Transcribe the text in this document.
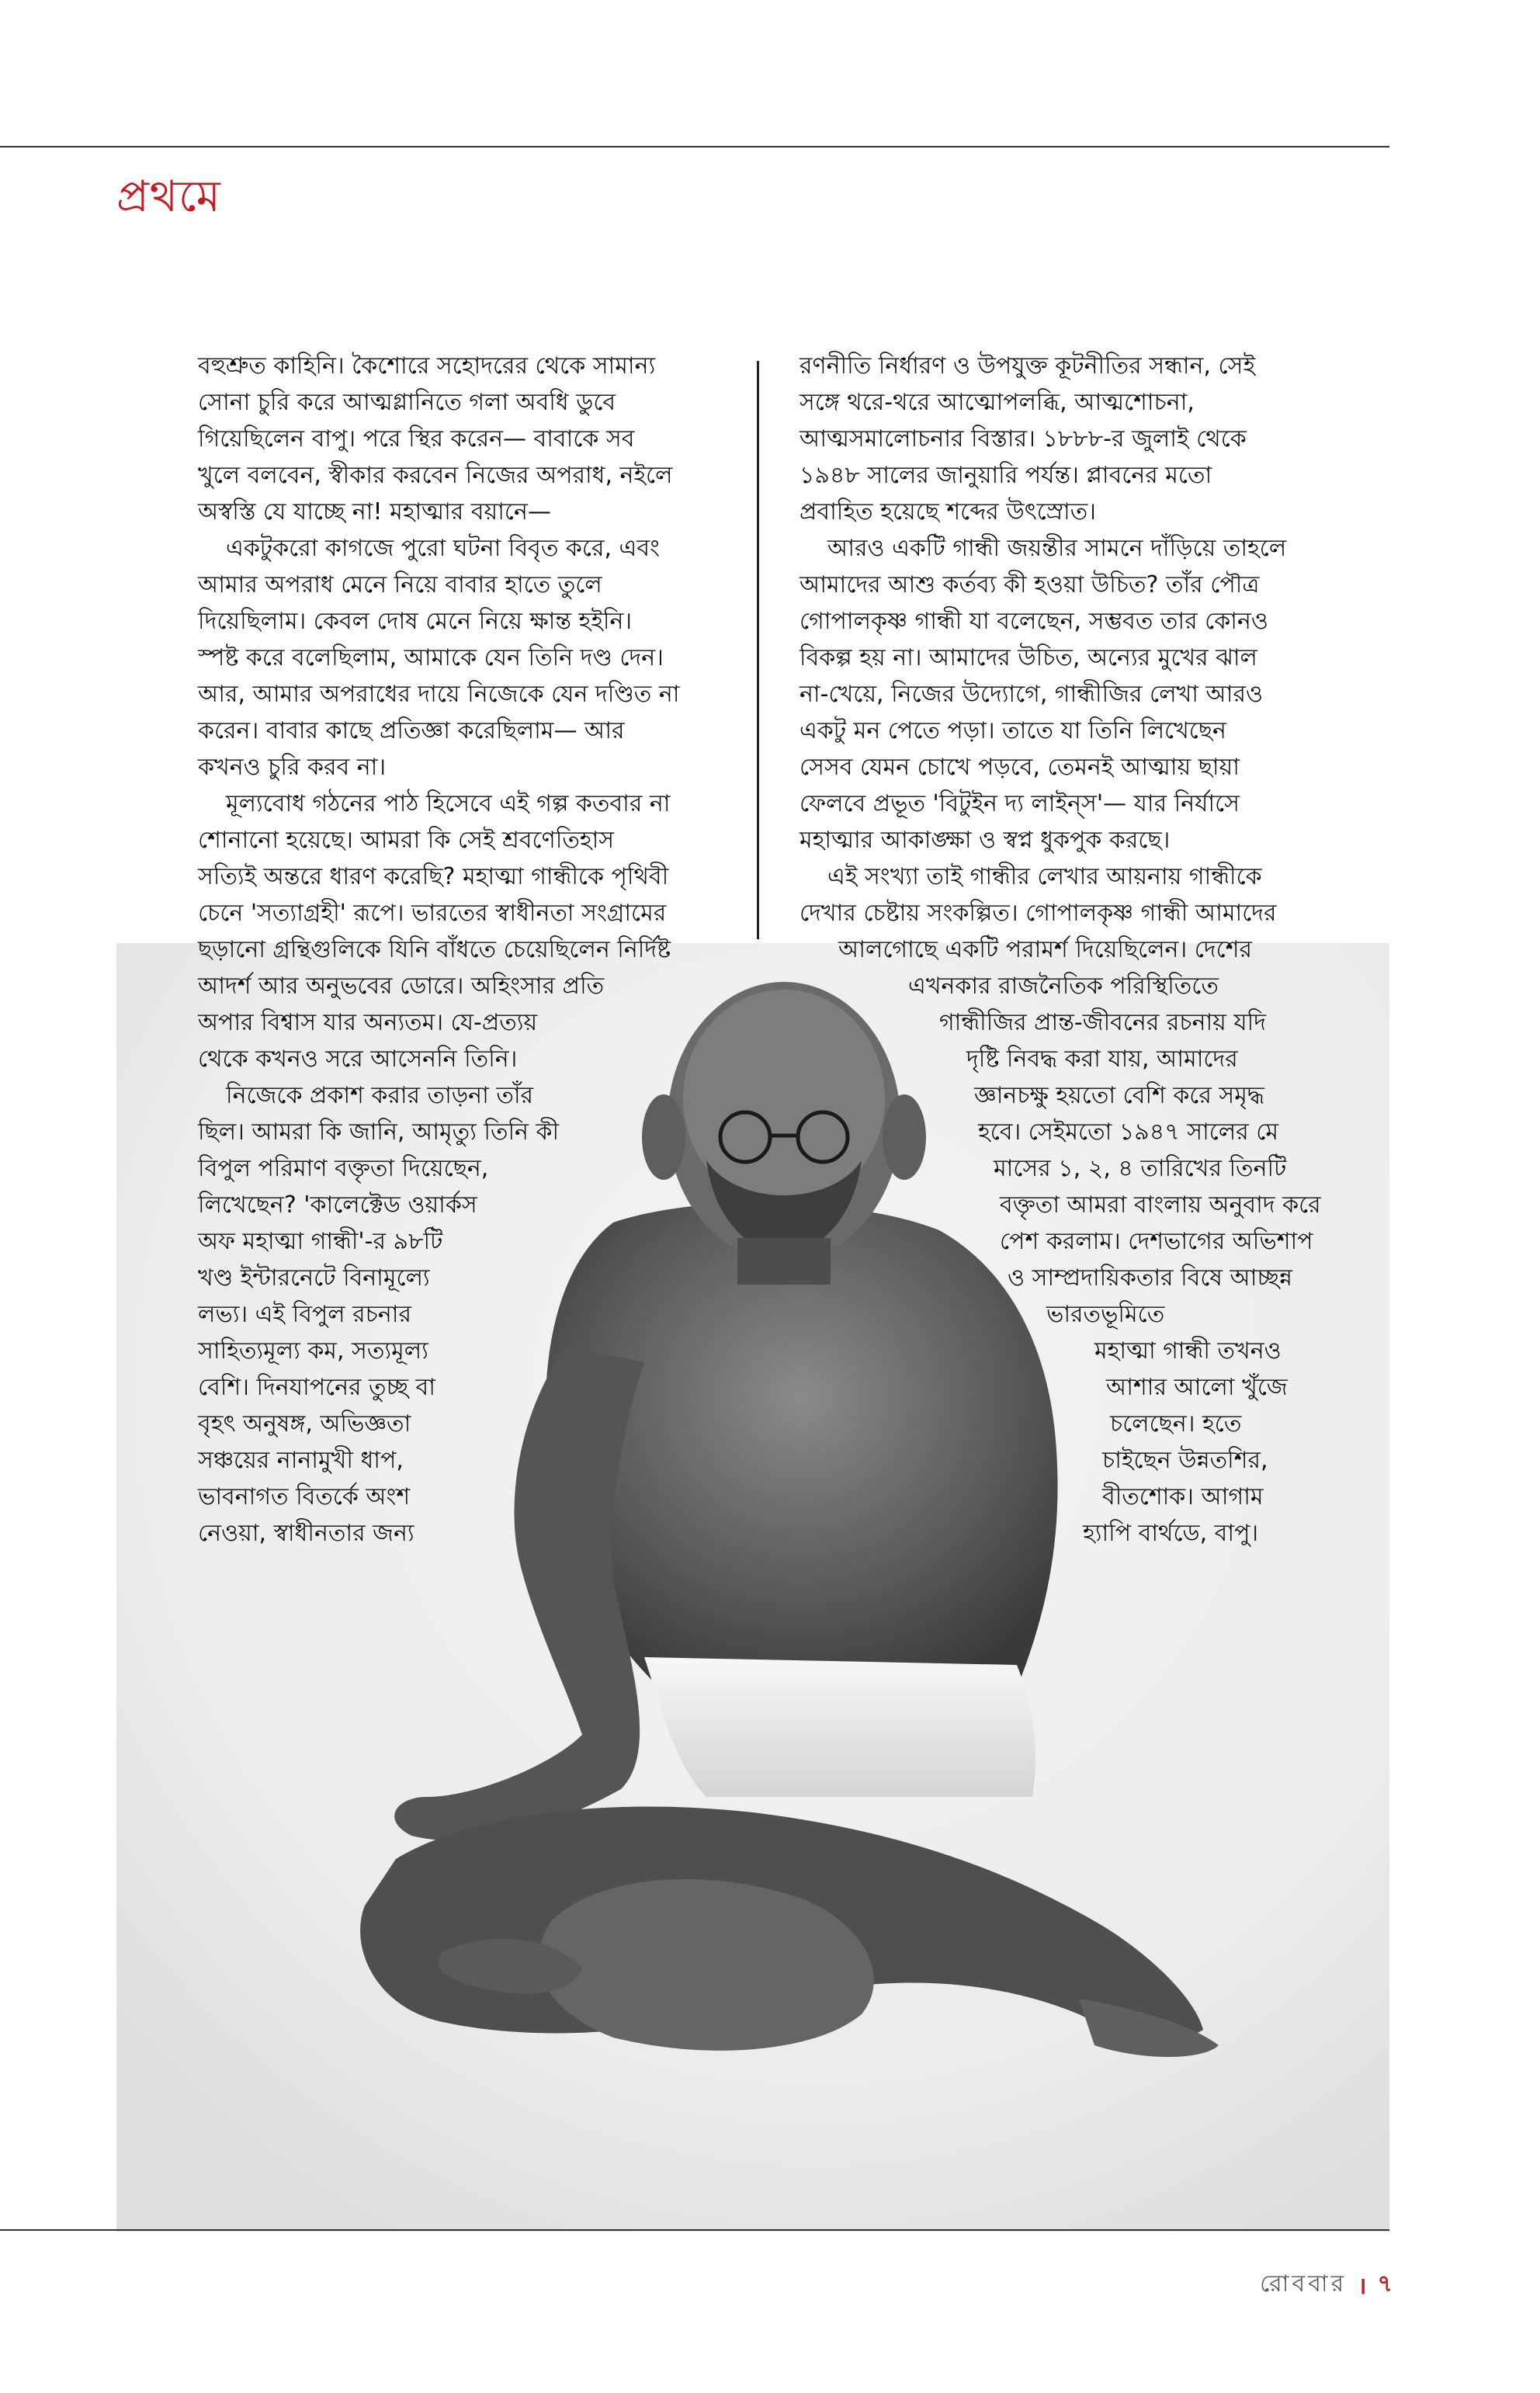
প্রথমে

বহুশ্রুত কাহিনি। কৈশোরে সহোদরের থেকে সামান্য

সোনা চুরি করে আত্মগ্লানিতে গলা অবধি ডুবে

গিয়েছিলেন বাপু। পরে স্থির করেন— বাবাকে সব

খুলে বলবেন, স্বীকার করবেন নিজের অপরাধ, নইলে

অস্বস্তি যে যাচ্ছে না! মহাত্মার বয়ানে—

একটুকরো কাগজে পুরো ঘটনা বিবৃত করে, এবং

আমার অপরাধ মেনে নিয়ে বাবার হাতে তুলে

দিয়েছিলাম। কেবল দোষ মেনে নিয়ে ক্ষান্ত হইনি।

স্পষ্ট করে বলেছিলাম, আমাকে যেন তিনি দণ্ড দেন।

আর, আমার অপরাধের দায়ে নিজেকে যেন দণ্ডিত না

করেন। বাবার কাছে প্রতিজ্ঞা করেছিলাম— আর

কখনও চুরি করব না।

মূল্যবোধ গঠনের পাঠ হিসেবে এই গল্প কতবার না

শোনানো হয়েছে। আমরা কি সেই শ্রবণেতিহাস

সত্যিই অন্তরে ধারণ করেছি? মহাত্মা গান্ধীকে পৃথিবী

চেনে 'সত্যাগ্রহী' রূপে। ভারতের স্বাধীনতা সংগ্রামের

ছড়ানো গ্রন্থিগুলিকে যিনি বাঁধতে চেয়েছিলেন নির্দিষ্ট

আদর্শ আর অনুভবের ডোরে। অহিংসার প্রতি

অপার বিশ্বাস যার অন্যতম। যে-প্রত্যয়

থেকে কখনও সরে আসেননি তিনি।

নিজেকে প্রকাশ করার তাড়না তাঁর

ছিল। আমরা কি জানি, আমৃত্যু তিনি কী

বিপুল পরিমাণ বক্তৃতা দিয়েছেন,

লিখেছেন? 'কালেক্টেড ওয়ার্কস

অফ মহাত্মা গান্ধী'-র ৯৮টি

খণ্ড ইন্টারনেটে বিনামূল্যে

লভ্য। এই বিপুল রচনার

সাহিত্যমূল্য কম, সত্যমূল্য

বেশি। দিনযাপনের তুচ্ছ বা

বৃহৎ অনুষঙ্গ, অভিজ্ঞতা

সঞ্চয়ের নানামুখী ধাপ,

ভাবনাগত বিতর্কে অংশ

নেওয়া, স্বাধীনতার জন্য

রণনীতি নির্ধারণ ও উপযুক্ত কূটনীতির সন্ধান, সেই

সঙ্গে থরে-থরে আত্মোপলব্ধি, আত্মশোচনা,

আত্মসমালোচনার বিস্তার। ১৮৮৮-র জুলাই থেকে

১৯৪৮ সালের জানুয়ারি পর্যন্ত। প্লাবনের মতো

প্রবাহিত হয়েছে শব্দের উৎস্রোত।

আরও একটি গান্ধী জয়ন্তীর সামনে দাঁড়িয়ে তাহলে

আমাদের আশু কর্তব্য কী হওয়া উচিত? তাঁর পৌত্র

গোপালকৃষ্ণ গান্ধী যা বলেছেন, সম্ভবত তার কোনও

বিকল্প হয় না। আমাদের উচিত, অন্যের মুখের ঝাল

না-খেয়ে, নিজের উদ্যোগে, গান্ধীজির লেখা আরও

একটু মন পেতে পড়া। তাতে যা তিনি লিখেছেন

সেসব যেমন চোখে পড়বে, তেমনই আত্মায় ছায়া

ফেলবে প্রভূত 'বিটুইন দ্য লাইন্‌স'— যার নির্যাসে

মহাত্মার আকাঙ্ক্ষা ও স্বপ্ন ধুকপুক করছে।

এই সংখ্যা তাই গান্ধীর লেখার আয়নায় গান্ধীকে

দেখার চেষ্টায় সংকল্পিত। গোপালকৃষ্ণ গান্ধী আমাদের

আলগোছে একটি পরামর্শ দিয়েছিলেন। দেশের

এখনকার রাজনৈতিক পরিস্থিতিতে

গান্ধীজির প্রান্ত-জীবনের রচনায় যদি

দৃষ্টি নিবদ্ধ করা যায়, আমাদের

জ্ঞানচক্ষু হয়তো বেশি করে সমৃদ্ধ

হবে। সেইমতো ১৯৪৭ সালের মে

মাসের ১, ২, ৪ তারিখের তিনটি

বক্তৃতা আমরা বাংলায় অনুবাদ করে

পেশ করলাম। দেশভাগের অভিশাপ

ও সাম্প্রদায়িকতার বিষে আচ্ছন্ন

ভারতভূমিতে

মহাত্মা গান্ধী তখনও

আশার আলো খুঁজে

চলেছেন। হতে

চাইছেন উন্নতশির,

বীতশোক। আগাম

হ্যাপি বার্থডে, বাপু।

রোববার । ৭
